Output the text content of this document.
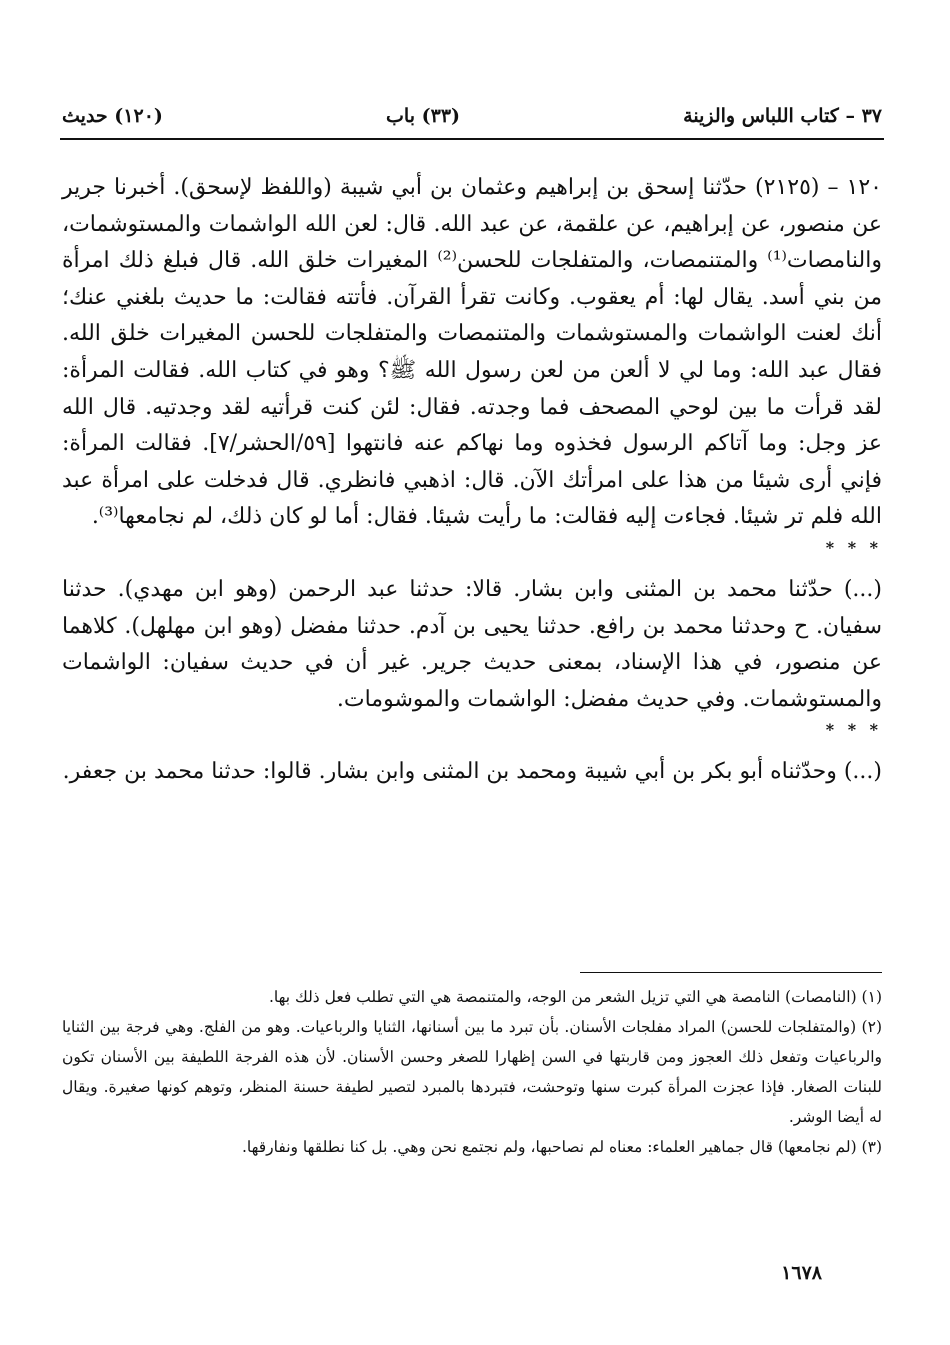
٣٧ – كتاب اللباس والزينة
(٣٣) باب
(١٢٠) حديث

١٢٠ – (٢١٢٥) حدّثنا إسحق بن إبراهيم وعثمان بن أبي شيبة (واللفظ لإسحق). أخبرنا جرير عن منصور، عن إبراهيم، عن علقمة، عن عبد الله. قال: لعن الله الواشمات والمستوشمات، والنامصات⁽¹⁾ والمتنمصات، والمتفلجات للحسن⁽²⁾ المغيرات خلق الله. قال فبلغ ذلك امرأة من بني أسد. يقال لها: أم يعقوب. وكانت تقرأ القرآن. فأتته فقالت: ما حديث بلغني عنك؛ أنك لعنت الواشمات والمستوشمات والمتنمصات والمتفلجات للحسن المغيرات خلق الله. فقال عبد الله: وما لي لا ألعن من لعن رسول الله ﷺ؟ وهو في كتاب الله. فقالت المرأة: لقد قرأت ما بين لوحي المصحف فما وجدته. فقال: لئن كنت قرأتيه لقد وجدتيه. قال الله عز وجل: وما آتاكم الرسول فخذوه وما نهاكم عنه فانتهوا [٥٩/الحشر/٧]. فقالت المرأة: فإني أرى شيئا من هذا على امرأتك الآن. قال: اذهبي فانظري. قال فدخلت على امرأة عبد الله فلم تر شيئا. فجاءت إليه فقالت: ما رأيت شيئا. فقال: أما لو كان ذلك، لم نجامعها⁽³⁾.

* * *

(...) حدّثنا محمد بن المثنى وابن بشار. قالا: حدثنا عبد الرحمن (وهو ابن مهدي). حدثنا سفيان. ح وحدثنا محمد بن رافع. حدثنا يحيى بن آدم. حدثنا مفضل (وهو ابن مهلهل). كلاهما عن منصور، في هذا الإسناد، بمعنى حديث جرير. غير أن في حديث سفيان: الواشمات والمستوشمات. وفي حديث مفضل: الواشمات والموشومات.

* * *

(...) وحدّثناه أبو بكر بن أبي شيبة ومحمد بن المثنى وابن بشار. قالوا: حدثنا محمد بن جعفر.

(١) (النامصات) النامصة هي التي تزيل الشعر من الوجه، والمتنمصة هي التي تطلب فعل ذلك بها.

(٢) (والمتفلجات للحسن) المراد مفلجات الأسنان. بأن تبرد ما بين أسنانها، الثنايا والرباعيات. وهو من الفلج. وهي فرجة بين الثنايا والرباعيات وتفعل ذلك العجوز ومن قاربتها في السن إظهارا للصغر وحسن الأسنان. لأن هذه الفرجة اللطيفة بين الأسنان تكون للبنات الصغار. فإذا عجزت المرأة كبرت سنها وتوحشت، فتبردها بالمبرد لتصير لطيفة حسنة المنظر، وتوهم كونها صغيرة. ويقال له أيضا الوشر.

(٣) (لم نجامعها) قال جماهير العلماء: معناه لم نصاحبها، ولم نجتمع نحن وهي. بل كنا نطلقها ونفارقها.

١٦٧٨
